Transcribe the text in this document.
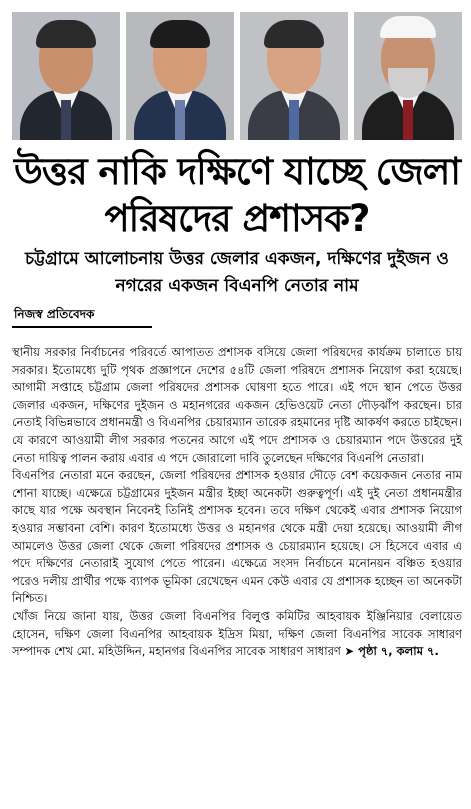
উত্তর নাকি দক্ষিণে যাচ্ছে জেলা পরিষদের প্রশাসক?
চট্টগ্রামে আলোচনায় উত্তর জেলার একজন, দক্ষিণের দুইজন ও নগরের একজন বিএনপি নেতার নাম
নিজস্ব প্রতিবেদক

স্থানীয় সরকার নির্বাচনের পরিবর্তে আপাতত প্রশাসক বসিয়ে জেলা পরিষদের কার্যক্রম চালাতে চায় সরকার। ইতোমধ্যে দুটি পৃথক প্রজ্ঞাপনে দেশের ৫৪টি জেলা পরিষদে প্রশাসক নিয়োগ করা হয়েছে। আগামী সপ্তাহে চট্টগ্রাম জেলা পরিষদের প্রশাসক ঘোষণা হতে পারে। এই পদে স্থান পেতে উত্তর জেলার একজন, দক্ষিণের দুইজন ও মহানগরের একজন হেভিওয়েট নেতা দৌড়ঝাঁপ করছেন। চার নেতাই বিভিন্নভাবে প্রধানমন্ত্রী ও বিএনপির চেয়ারম্যান তারেক রহমানের দৃষ্টি আকর্ষণ করতে চাইছেন। যে কারণে আওয়ামী লীগ সরকার পতনের আগে এই পদে প্রশাসক ও চেয়ারম্যান পদে উত্তরের দুই নেতা দায়িত্ব পালন করায় এবার এ পদে জোরালো দাবি তুলেছেন দক্ষিণের বিএনপি নেতারা।

বিএনপির নেতারা মনে করছেন, জেলা পরিষদের প্রশাসক হওয়ার দৌড়ে বেশ কয়েকজন নেতার নাম শোনা যাচ্ছে। এক্ষেত্রে চট্টগ্রামের দুইজন মন্ত্রীর ইচ্ছা অনেকটা গুরুত্বপূর্ণ। এই দুই নেতা প্রধানমন্ত্রীর কাছে যার পক্ষে অবস্থান নিবেনই তিনিই প্রশাসক হবেন। তবে দক্ষিণ থেকেই এবার প্রশাসক নিয়োগ হওয়ার সম্ভাবনা বেশি। কারণ ইতোমধ্যে উত্তর ও মহানগর থেকে মন্ত্রী দেয়া হয়েছে। আওয়ামী লীগ আমলেও উত্তর জেলা থেকে জেলা পরিষদের প্রশাসক ও চেয়ারম্যান হয়েছে। সে হিসেবে এবার এ পদে দক্ষিণের নেতারাই সুযোগ পেতে পারেন। এক্ষেত্রে সংসদ নির্বাচনে মনোনয়ন বঞ্চিত হওয়ার পরেও দলীয় প্রার্থীর পক্ষে ব্যাপক ভূমিকা রেখেছেন এমন কেউ এবার যে প্রশাসক হচ্ছেন তা অনেকটা নিশ্চিত।

খোঁজ নিয়ে জানা যায়, উত্তর জেলা বিএনপির বিলুপ্ত কমিটির আহবায়ক ইঞ্জিনিয়ার বেলায়েত হোসেন, দক্ষিণ জেলা বিএনপির আহবায়ক ইদ্রিস মিয়া, দক্ষিণ জেলা বিএনপির সাবেক সাধারণ সম্পাদক শেখ মো. মহিউদ্দিন, মহানগর বিএনপির সাবেক সাধারণ সাধারণ ➤ পৃষ্ঠা ৭, কলাম ৭.
